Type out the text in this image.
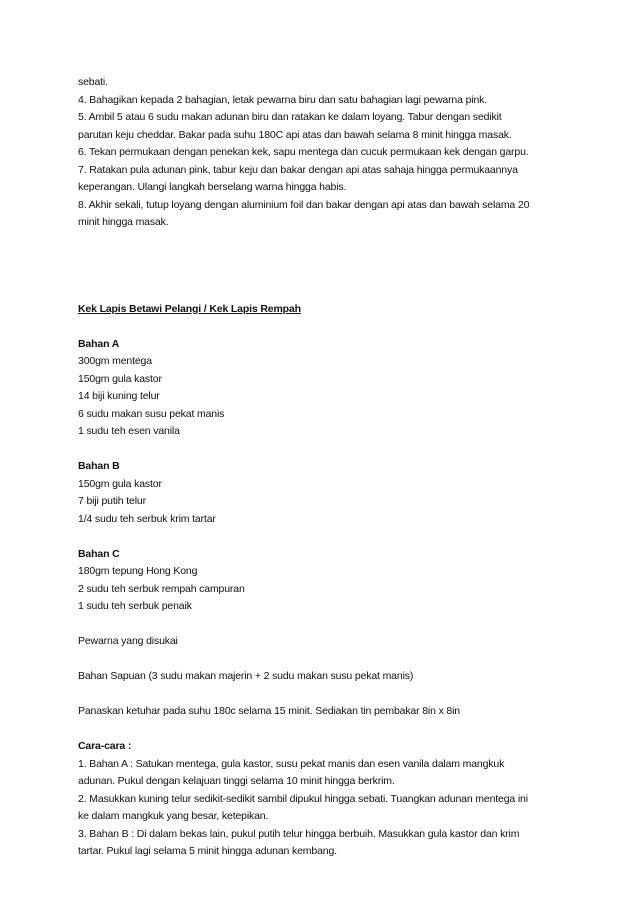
sebati.

4. Bahagikan kepada 2 bahagian, letak pewarna biru dan satu bahagian lagi pewarna pink.

5. Ambil 5 atau 6 sudu makan adunan biru dan ratakan ke dalam loyang. Tabur dengan sedikit

parutan keju cheddar. Bakar pada suhu 180C api atas dan bawah selama 8 minit hingga masak.

6. Tekan permukaan dengan penekan kek, sapu mentega dan cucuk permukaan kek dengan garpu.

7. Ratakan pula adunan pink, tabur keju dan bakar dengan api atas sahaja hingga permukaannya

keperangan. Ulangi langkah berselang warna hingga habis.

8. Akhir sekali, tutup loyang dengan aluminium foil dan bakar dengan api atas dan bawah selama 20

minit hingga masak.

Kek Lapis Betawi Pelangi / Kek Lapis Rempah

Bahan A

300gm mentega

150gm gula kastor

14 biji kuning telur

6 sudu makan susu pekat manis

1 sudu teh esen vanila

Bahan B

150gm gula kastor

7 biji putih telur

1/4 sudu teh serbuk krim tartar

Bahan C

180gm tepung Hong Kong

2 sudu teh serbuk rempah campuran

1 sudu teh serbuk penaik

Pewarna yang disukai

Bahan Sapuan (3 sudu makan majerin + 2 sudu makan susu pekat manis)

Panaskan ketuhar pada suhu 180c selama 15 minit. Sediakan tin pembakar 8in x 8in

Cara-cara :

1. Bahan A : Satukan mentega, gula kastor, susu pekat manis dan esen vanila dalam mangkuk

adunan. Pukul dengan kelajuan tinggi selama 10 minit hingga berkrim.

2. Masukkan kuning telur sedikit-sedikit sambil dipukul hingga sebati. Tuangkan adunan mentega ini

ke dalam mangkuk yang besar, ketepikan.

3. Bahan B : Di dalam bekas lain, pukul putih telur hingga berbuih. Masukkan gula kastor dan krim

tartar. Pukul lagi selama 5 minit hingga adunan kembang.
